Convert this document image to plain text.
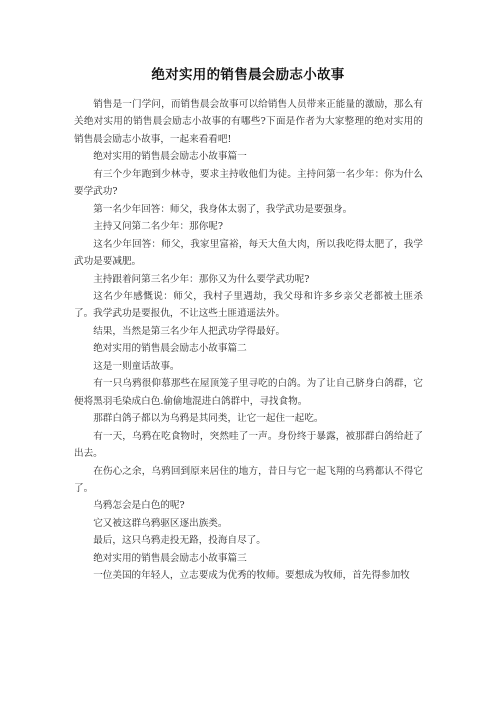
绝对实用的销售晨会励志小故事

销售是一门学问，而销售晨会故事可以给销售人员带来正能量的激励，那么有关绝对实用的销售晨会励志小故事的有哪些?下面是作者为大家整理的绝对实用的销售晨会励志小故事，一起来看看吧!

绝对实用的销售晨会励志小故事篇一

有三个少年跑到少林寺，要求主持收他们为徒。主持问第一名少年：你为什么要学武功?

第一名少年回答：师父，我身体太弱了，我学武功是要强身。

主持又问第二名少年：那你呢?

这名少年回答：师父，我家里富裕，每天大鱼大肉，所以我吃得太肥了，我学武功是要减肥。

主持跟着问第三名少年：那你又为什么要学武功呢?

这名少年感慨说：师父，我村子里遇劫，我父母和许多乡亲父老都被土匪杀了。我学武功是要报仇，不让这些土匪逍遥法外。

结果，当然是第三名少年人把武功学得最好。

绝对实用的销售晨会励志小故事篇二

这是一则童话故事。

有一只乌鸦很仰慕那些在屋顶笼子里寻吃的白鸽。为了让自己脐身白鸽群，它便将黑羽毛染成白色.偷偷地混进白鸽群中，寻找食物。

那群白鸽子都以为乌鸦是其同类，让它一起住一起吃。

有一天，乌鸦在吃食物时，突然哇了一声。身份终于暴露，被那群白鸽给赶了出去。

在伤心之余，乌鸦回到原来居住的地方，昔日与它一起飞翔的乌鸦都认不得它了。

乌鸦怎会是白色的呢?

它又被这群乌鸦驱区逐出族类。

最后，这只乌鸦走投无路，投海自尽了。

绝对实用的销售晨会励志小故事篇三

一位美国的年轻人，立志要成为优秀的牧师。要想成为牧师，首先得参加牧
